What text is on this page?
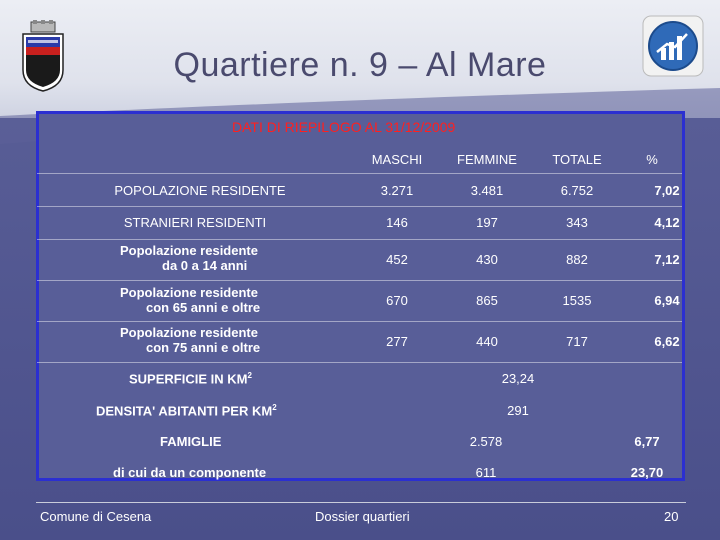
Quartiere n. 9 – Al Mare
DATI DI RIEPILOGO AL 31/12/2009
MASCHI	FEMMINE	TOTALE	%
POPOLAZIONE RESIDENTE	3.271	3.481	6.752	7,02
STRANIERI RESIDENTI	146	197	343	4,12
Popolazione residente
da 0 a 14 anni	452	430	882	7,12
Popolazione residente
con 65 anni e oltre	670	865	1535	6,94
Popolazione residente
con 75 anni e oltre	277	440	717	6,62
SUPERFICIE IN $KM^2$	23,24
DENSITA' ABITANTI PER $KM^2$	291
FAMIGLIE	2.578	6,77
di cui da un componente	611	23,70
Comune di Cesena	Dossier quartieri	20
